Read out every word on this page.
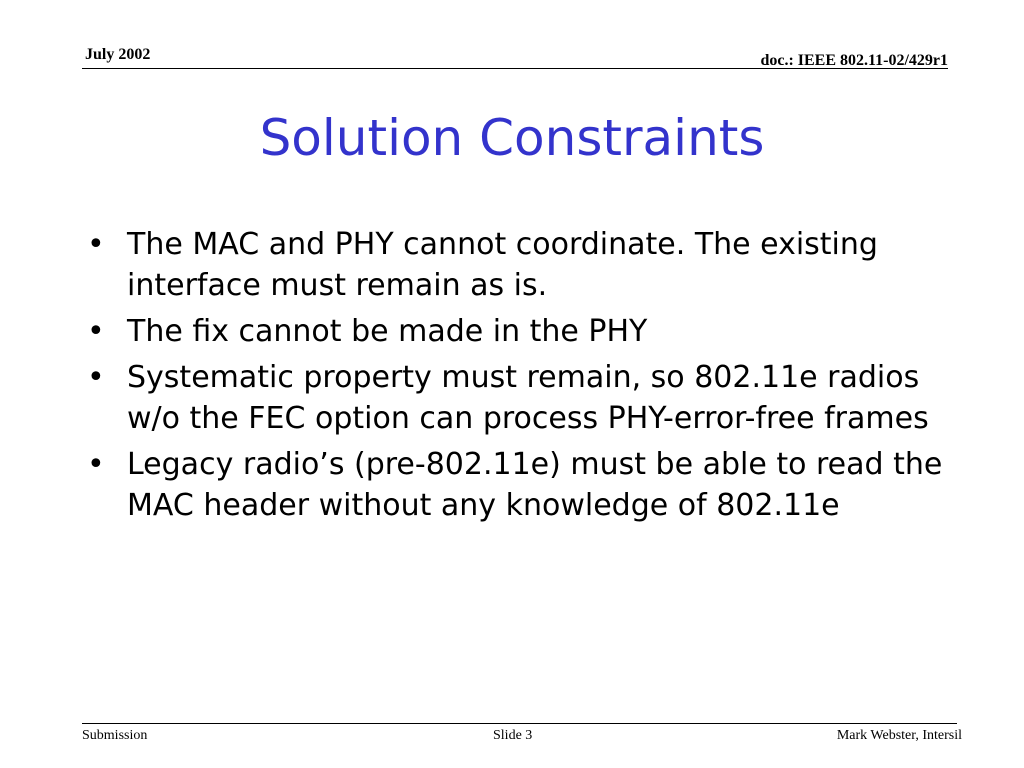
July 2002	doc.: IEEE 802.11-02/429r1
Solution Constraints
• The MAC and PHY cannot coordinate. The existing interface must remain as is.
• The fix cannot be made in the PHY
• Systematic property must remain, so 802.11e radios w/o the FEC option can process PHY-error-free frames
• Legacy radio’s (pre-802.11e) must be able to read the MAC header without any knowledge of 802.11e
Submission	Slide 3	Mark Webster, Intersil
